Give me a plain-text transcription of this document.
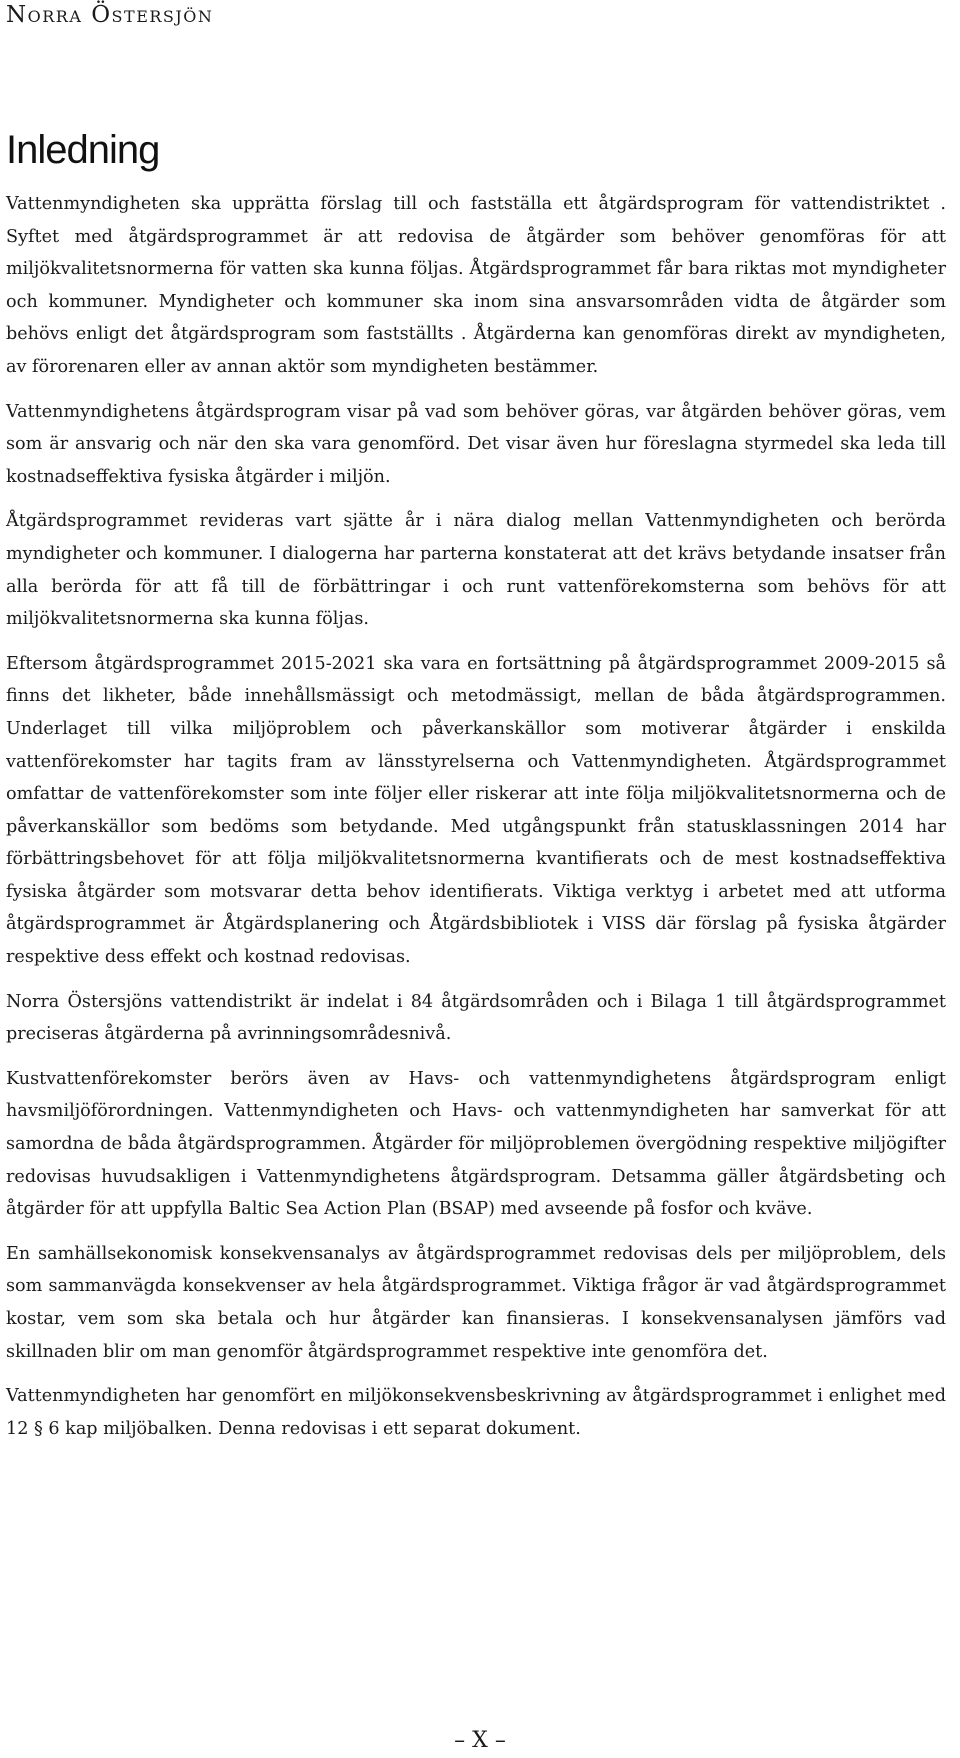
Norra Östersjön
Inledning

Vattenmyndigheten ska upprätta förslag till och fastställa ett åtgärdsprogram för vattendistriktet . Syftet med åtgärdsprogrammet är att redovisa de åtgärder som behöver genomföras för att miljökvalitetsnormerna för vatten ska kunna följas. Åtgärdsprogrammet får bara riktas mot myndigheter och kommuner. Myndigheter och kommuner ska inom sina ansvarsområden vidta de åtgärder som behövs enligt det åtgärdsprogram som fastställts . Åtgärderna kan genomföras direkt av myndigheten, av förorenaren eller av annan aktör som myndigheten bestämmer.

Vattenmyndighetens åtgärdsprogram visar på vad som behöver göras, var åtgärden behöver göras, vem som är ansvarig och när den ska vara genomförd. Det visar även hur föreslagna styrmedel ska leda till kostnadseffektiva fysiska åtgärder i miljön.

Åtgärdsprogrammet revideras vart sjätte år i nära dialog mellan Vattenmyndigheten och berörda myndigheter och kommuner. I dialogerna har parterna konstaterat att det krävs betydande insatser från alla berörda för att få till de förbättringar i och runt vattenförekomsterna som behövs för att miljökvalitetsnormerna ska kunna följas.

Eftersom åtgärdsprogrammet 2015-2021 ska vara en fortsättning på åtgärdsprogrammet 2009-2015 så finns det likheter, både innehållsmässigt och metodmässigt, mellan de båda åtgärdsprogrammen. Underlaget till vilka miljöproblem och påverkanskällor som motiverar åtgärder i enskilda vattenförekomster har tagits fram av länsstyrelserna och Vattenmyndigheten. Åtgärdsprogrammet omfattar de vattenförekomster som inte följer eller riskerar att inte följa miljökvalitetsnormerna och de påverkanskällor som bedöms som betydande. Med utgångspunkt från statusklassningen 2014 har förbättringsbehovet för att följa miljökvalitetsnormerna kvantifierats och de mest kostnadseffektiva fysiska åtgärder som motsvarar detta behov identifierats. Viktiga verktyg i arbetet med att utforma åtgärdsprogrammet är Åtgärdsplanering och Åtgärdsbibliotek i VISS där förslag på fysiska åtgärder respektive dess effekt och kostnad redovisas.

Norra Östersjöns vattendistrikt är indelat i 84 åtgärdsområden och i Bilaga 1 till åtgärdsprogrammet preciseras åtgärderna på avrinningsområdesnivå.

Kustvattenförekomster berörs även av Havs- och vattenmyndighetens åtgärdsprogram enligt havsmiljöförordningen. Vattenmyndigheten och Havs- och vattenmyndigheten har samverkat för att samordna de båda åtgärdsprogrammen. Åtgärder för miljöproblemen övergödning respektive miljögifter redovisas huvudsakligen i Vattenmyndighetens åtgärdsprogram. Detsamma gäller åtgärdsbeting och åtgärder för att uppfylla Baltic Sea Action Plan (BSAP) med avseende på fosfor och kväve.

En samhällsekonomisk konsekvensanalys av åtgärdsprogrammet redovisas dels per miljöproblem, dels som sammanvägda konsekvenser av hela åtgärdsprogrammet. Viktiga frågor är vad åtgärdsprogrammet kostar, vem som ska betala och hur åtgärder kan finansieras. I konsekvensanalysen jämförs vad skillnaden blir om man genomför åtgärdsprogrammet respektive inte genomföra det.

Vattenmyndigheten har genomfört en miljökonsekvensbeskrivning av åtgärdsprogrammet i enlighet med 12 § 6 kap miljöbalken. Denna redovisas i ett separat dokument.

– X –
